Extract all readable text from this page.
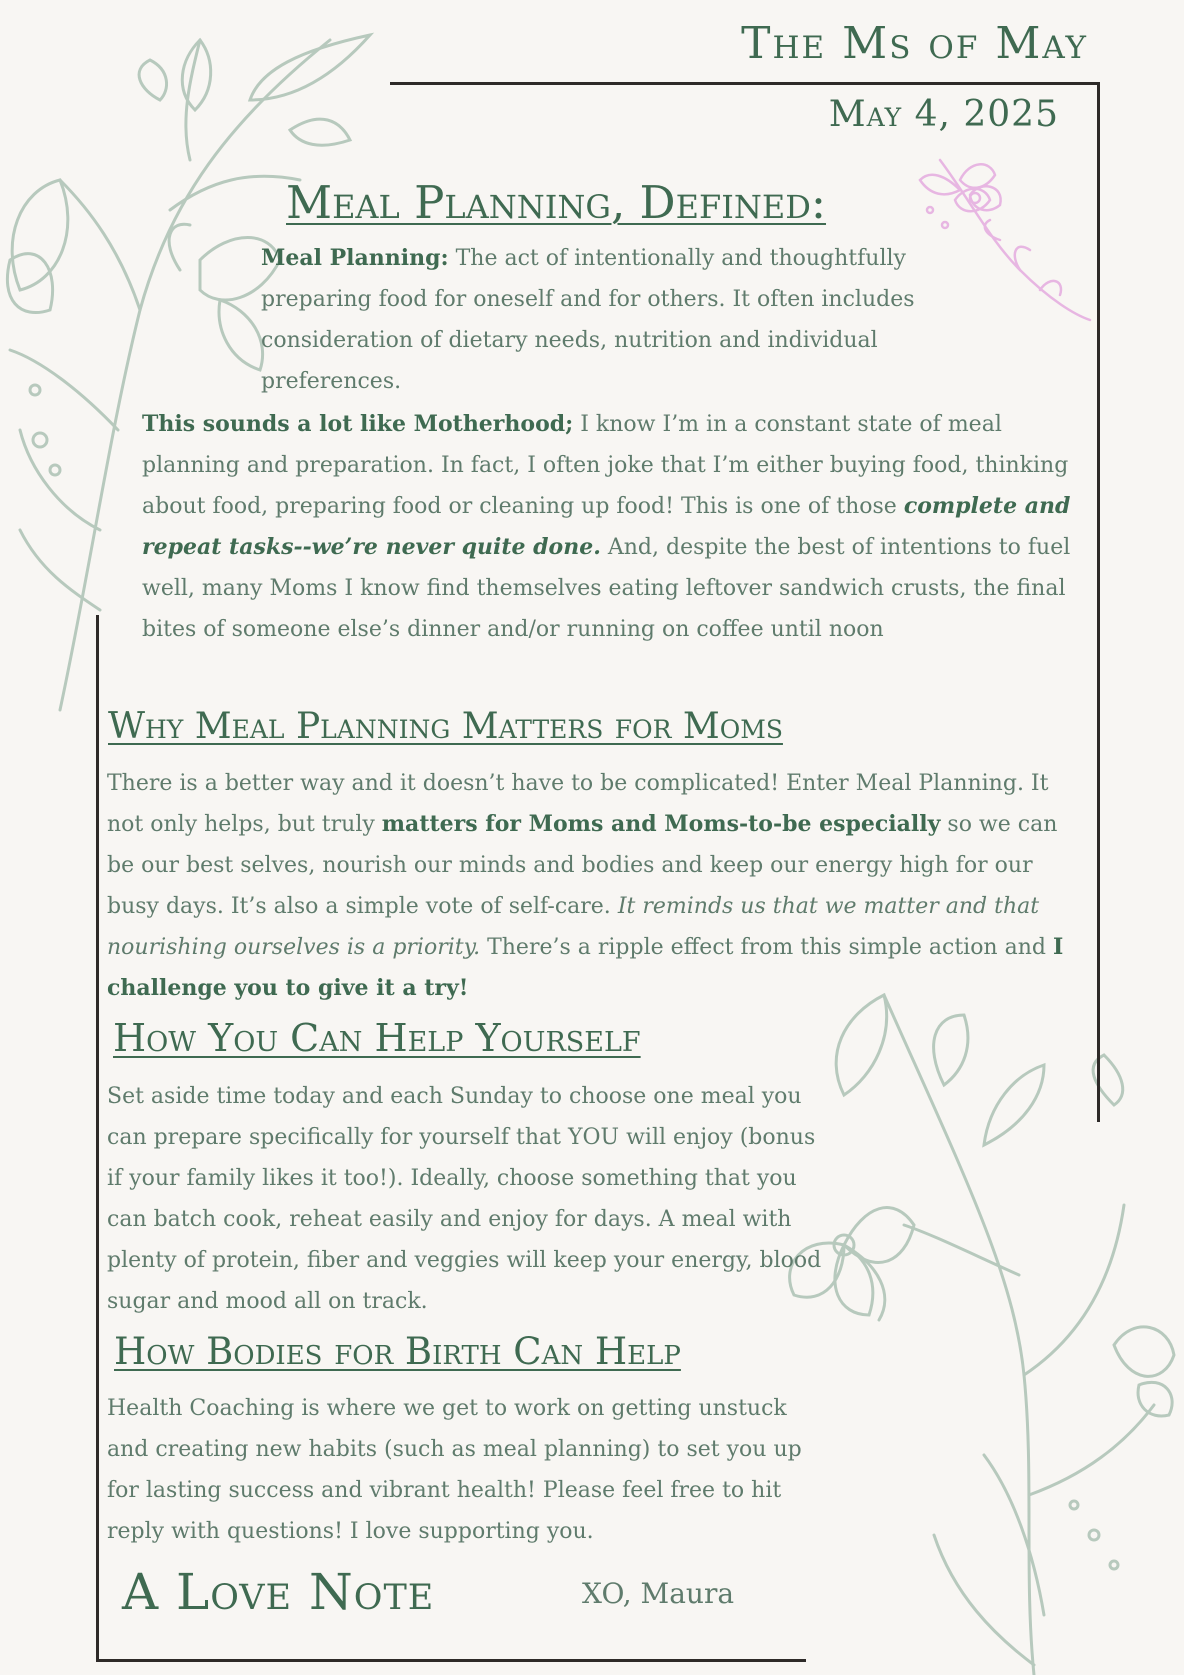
The Ms of May
May 4, 2025
Meal Planning, Defined:
Meal Planning: The act of intentionally and thoughtfully preparing food for oneself and for others. It often includes consideration of dietary needs, nutrition and individual preferences.
This sounds a lot like Motherhood; I know I’m in a constant state of meal planning and preparation. In fact, I often joke that I’m either buying food, thinking about food, preparing food or cleaning up food! This is one of those complete and repeat tasks--we’re never quite done. And, despite the best of intentions to fuel well, many Moms I know find themselves eating leftover sandwich crusts, the final bites of someone else’s dinner and/or running on coffee until noon
Why Meal Planning Matters for Moms
There is a better way and it doesn’t have to be complicated! Enter Meal Planning. It not only helps, but truly matters for Moms and Moms-to-be especially so we can be our best selves, nourish our minds and bodies and keep our energy high for our busy days. It’s also a simple vote of self-care. It reminds us that we matter and that nourishing ourselves is a priority. There’s a ripple effect from this simple action and I challenge you to give it a try!
How You Can Help Yourself
Set aside time today and each Sunday to choose one meal you can prepare specifically for yourself that YOU will enjoy (bonus if your family likes it too!). Ideally, choose something that you can batch cook, reheat easily and enjoy for days. A meal with plenty of protein, fiber and veggies will keep your energy, blood sugar and mood all on track.
How Bodies for Birth Can Help
Health Coaching is where we get to work on getting unstuck and creating new habits (such as meal planning) to set you up for lasting success and vibrant health! Please feel free to hit reply with questions! I love supporting you.
A Love Note	XO, Maura
